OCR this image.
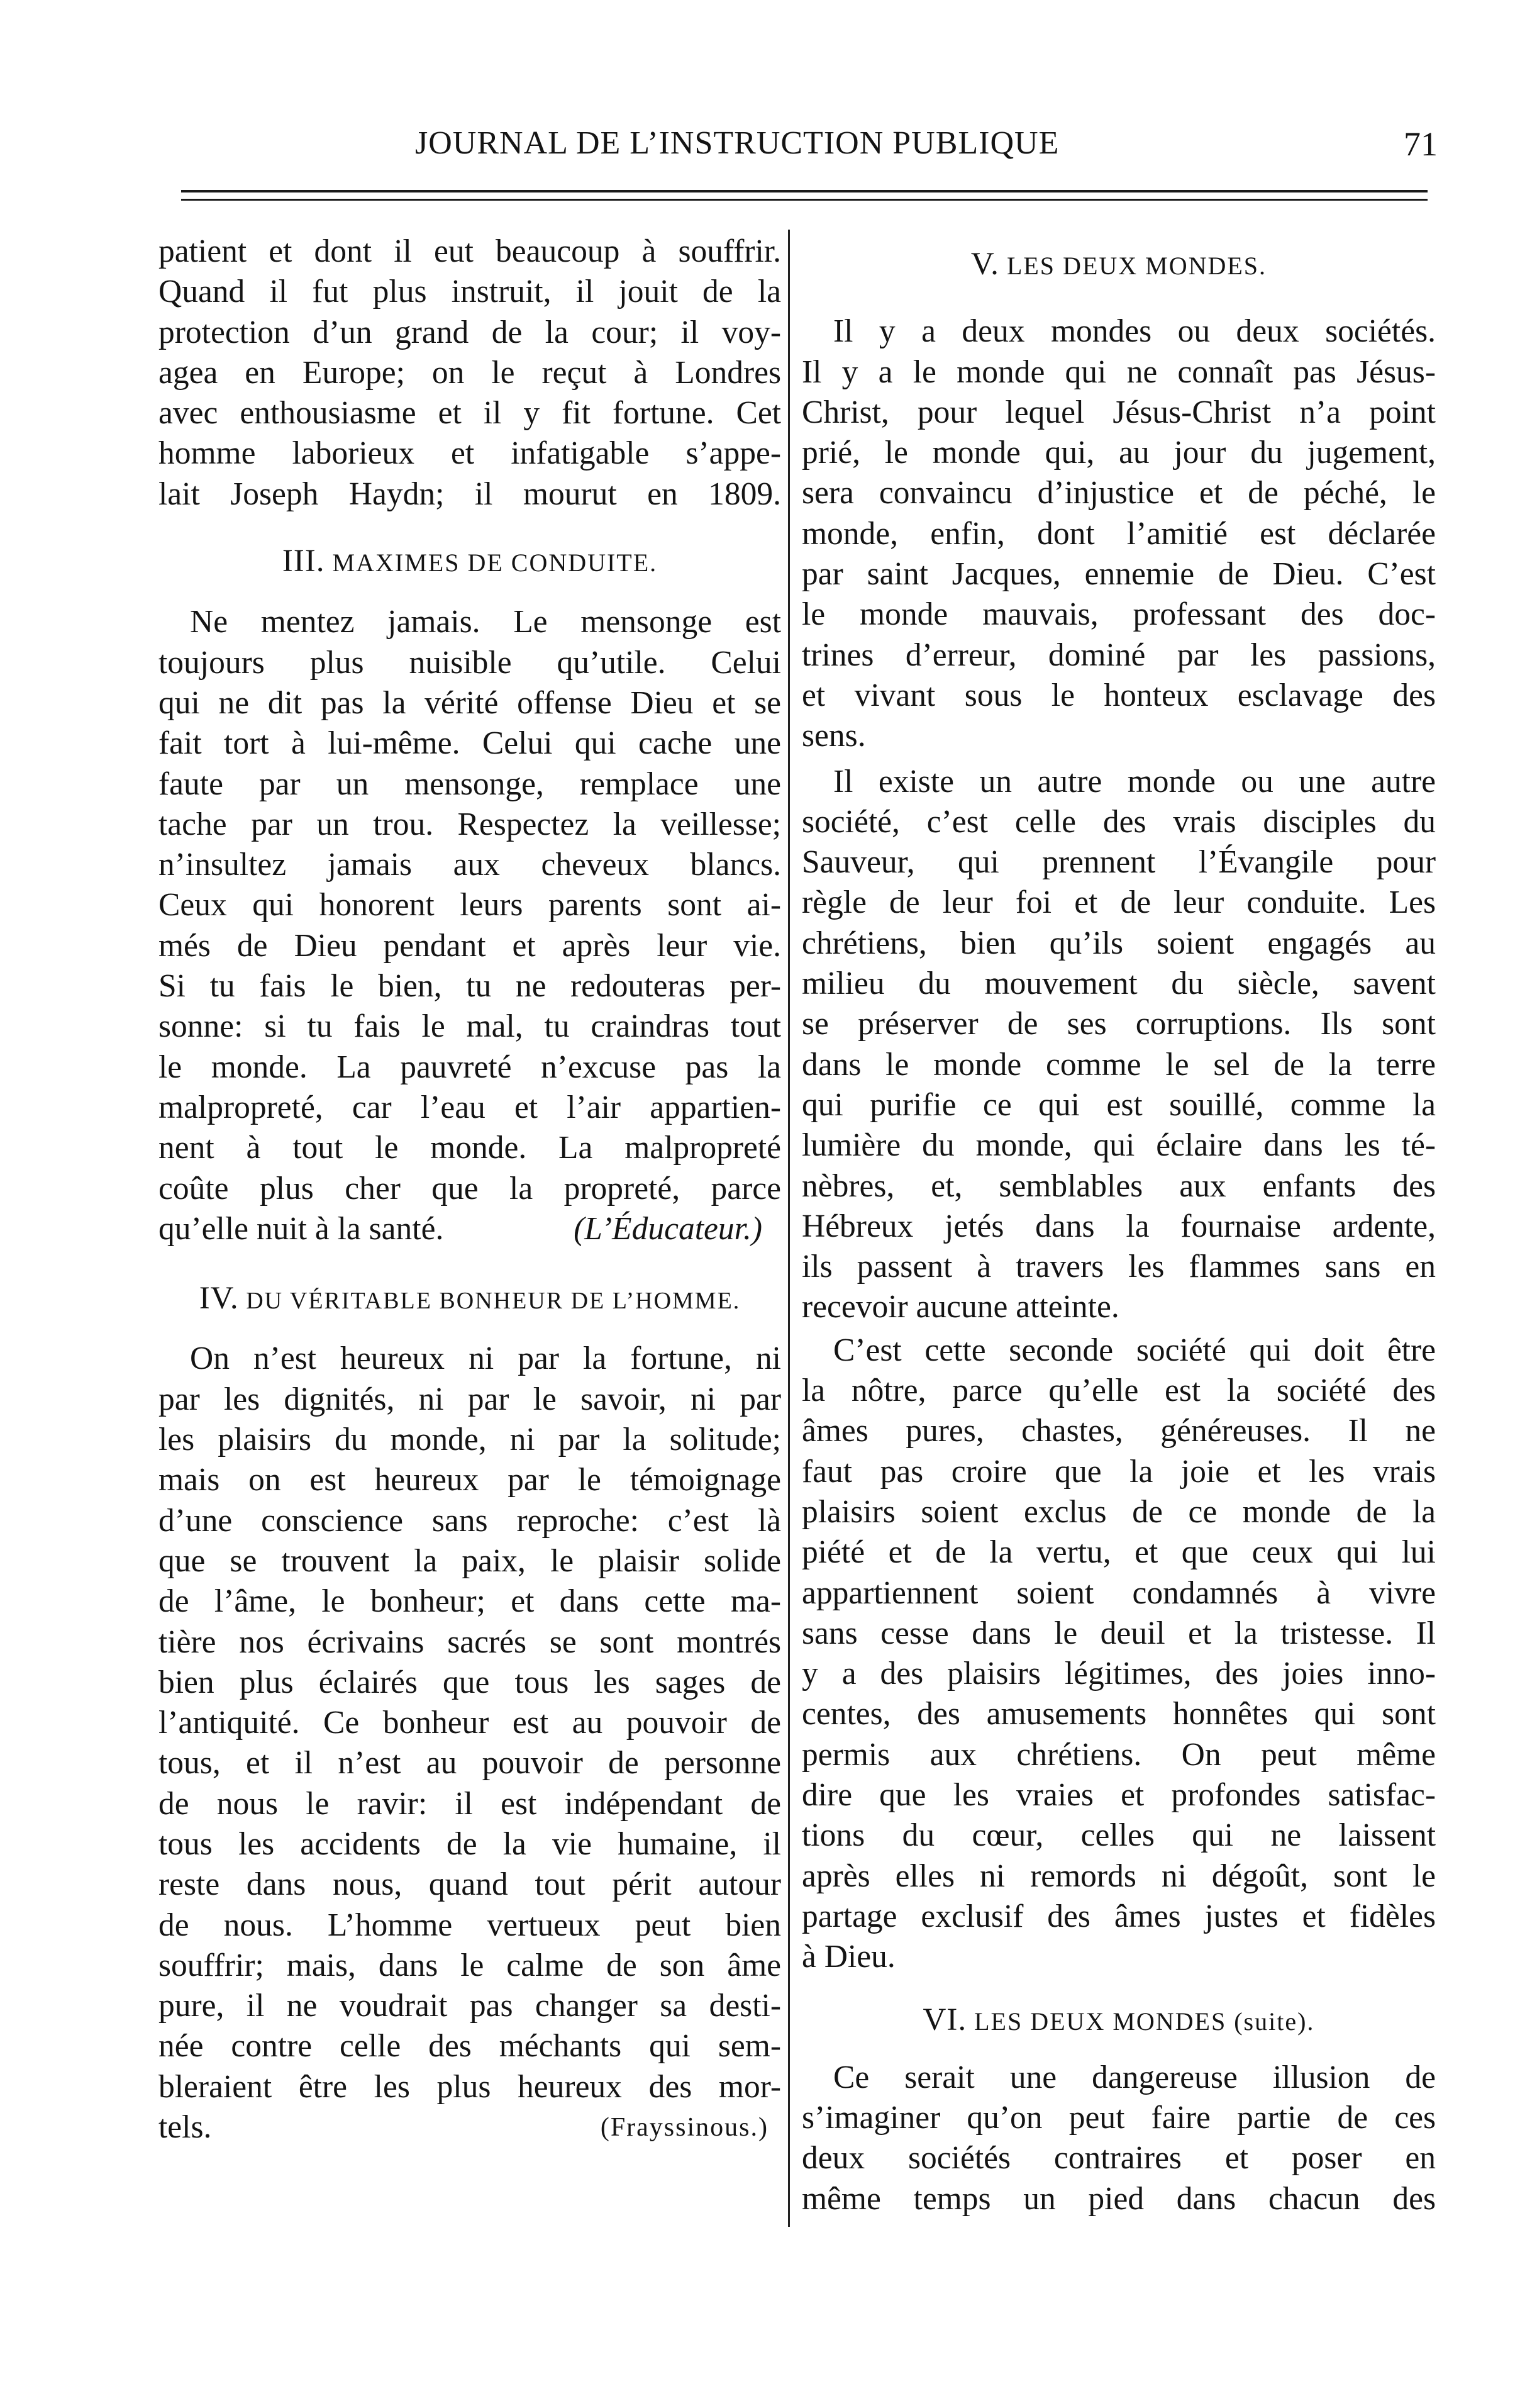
JOURNAL DE L’INSTRUCTION PUBLIQUE	71
patient et dont il eut beaucoup à souffrir.
Quand il fut plus instruit, il jouit de la
protection d’un grand de la cour; il voy-
agea en Europe; on le reçut à Londres
avec enthousiasme et il y fit fortune. Cet
homme laborieux et infatigable s’appe-
lait Joseph Haydn; il mourut en 1809.
III. MAXIMES DE CONDUITE.
Ne mentez jamais. Le mensonge est
toujours plus nuisible qu’utile. Celui
qui ne dit pas la vérité offense Dieu et se
fait tort à lui-même. Celui qui cache une
faute par un mensonge, remplace une
tache par un trou. Respectez la veillesse;
n’insultez jamais aux cheveux blancs.
Ceux qui honorent leurs parents sont ai-
més de Dieu pendant et après leur vie.
Si tu fais le bien, tu ne redouteras per-
sonne: si tu fais le mal, tu craindras tout
le monde. La pauvreté n’excuse pas la
malpropreté, car l’eau et l’air appartien-
nent à tout le monde. La malpropreté
coûte plus cher que la propreté, parce
qu’elle nuit à la santé.	(L’Éducateur.)
IV. DU VÉRITABLE BONHEUR DE L’HOMME.
On n’est heureux ni par la fortune, ni
par les dignités, ni par le savoir, ni par
les plaisirs du monde, ni par la solitude;
mais on est heureux par le témoignage
d’une conscience sans reproche: c’est là
que se trouvent la paix, le plaisir solide
de l’âme, le bonheur; et dans cette ma-
tière nos écrivains sacrés se sont montrés
bien plus éclairés que tous les sages de
l’antiquité. Ce bonheur est au pouvoir de
tous, et il n’est au pouvoir de personne
de nous le ravir: il est indépendant de
tous les accidents de la vie humaine, il
reste dans nous, quand tout périt autour
de nous. L’homme vertueux peut bien
souffrir; mais, dans le calme de son âme
pure, il ne voudrait pas changer sa desti-
née contre celle des méchants qui sem-
bleraient être les plus heureux des mor-
tels.	(Frayssinous.)
V. LES DEUX MONDES.
Il y a deux mondes ou deux sociétés.
Il y a le monde qui ne connaît pas Jésus-
Christ, pour lequel Jésus-Christ n’a point
prié, le monde qui, au jour du jugement,
sera convaincu d’injustice et de péché, le
monde, enfin, dont l’amitié est déclarée
par saint Jacques, ennemie de Dieu. C’est
le monde mauvais, professant des doc-
trines d’erreur, dominé par les passions,
et vivant sous le honteux esclavage des
sens.
Il existe un autre monde ou une autre
société, c’est celle des vrais disciples du
Sauveur, qui prennent l’Évangile pour
règle de leur foi et de leur conduite. Les
chrétiens, bien qu’ils soient engagés au
milieu du mouvement du siècle, savent
se préserver de ses corruptions. Ils sont
dans le monde comme le sel de la terre
qui purifie ce qui est souillé, comme la
lumière du monde, qui éclaire dans les té-
nèbres, et, semblables aux enfants des
Hébreux jetés dans la fournaise ardente,
ils passent à travers les flammes sans en
recevoir aucune atteinte.
C’est cette seconde société qui doit être
la nôtre, parce qu’elle est la société des
âmes pures, chastes, généreuses. Il ne
faut pas croire que la joie et les vrais
plaisirs soient exclus de ce monde de la
piété et de la vertu, et que ceux qui lui
appartiennent soient condamnés à vivre
sans cesse dans le deuil et la tristesse. Il
y a des plaisirs légitimes, des joies inno-
centes, des amusements honnêtes qui sont
permis aux chrétiens. On peut même
dire que les vraies et profondes satisfac-
tions du cœur, celles qui ne laissent
après elles ni remords ni dégoût, sont le
partage exclusif des âmes justes et fidèles
à Dieu.
VI. LES DEUX MONDES (suite).
Ce serait une dangereuse illusion de
s’imaginer qu’on peut faire partie de ces
deux sociétés contraires et poser en
même temps un pied dans chacun des
